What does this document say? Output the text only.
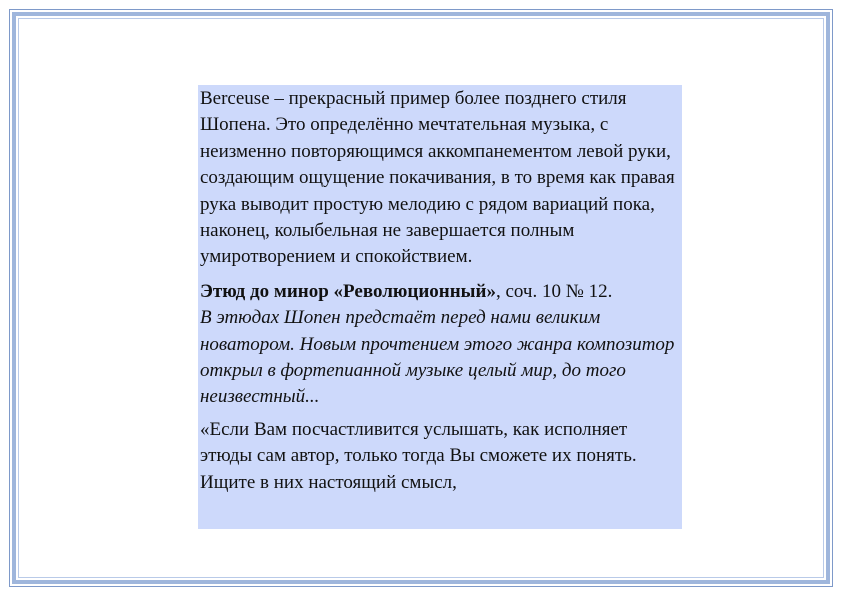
Berceuse – прекрасный пример более позднего стиля Шопена. Это определённо мечтательная музыка, с неизменно повторяющимся аккомпанементом левой руки, создающим ощущение покачивания, в то время как правая рука выводит простую мелодию с рядом вариаций пока, наконец, колыбельная не завершается полным умиротворением и спокойствием.

Этюд до минор «Революционный», соч. 10 № 12.
В этюдах Шопен предстаёт перед нами великим новатором. Новым прочтением этого жанра композитор открыл в фортепианной музыке целый мир, до того неизвестный...

«Если Вам посчастливится услышать, как исполняет этюды сам автор, только тогда Вы сможете их понять. Ищите в них настоящий смысл,
